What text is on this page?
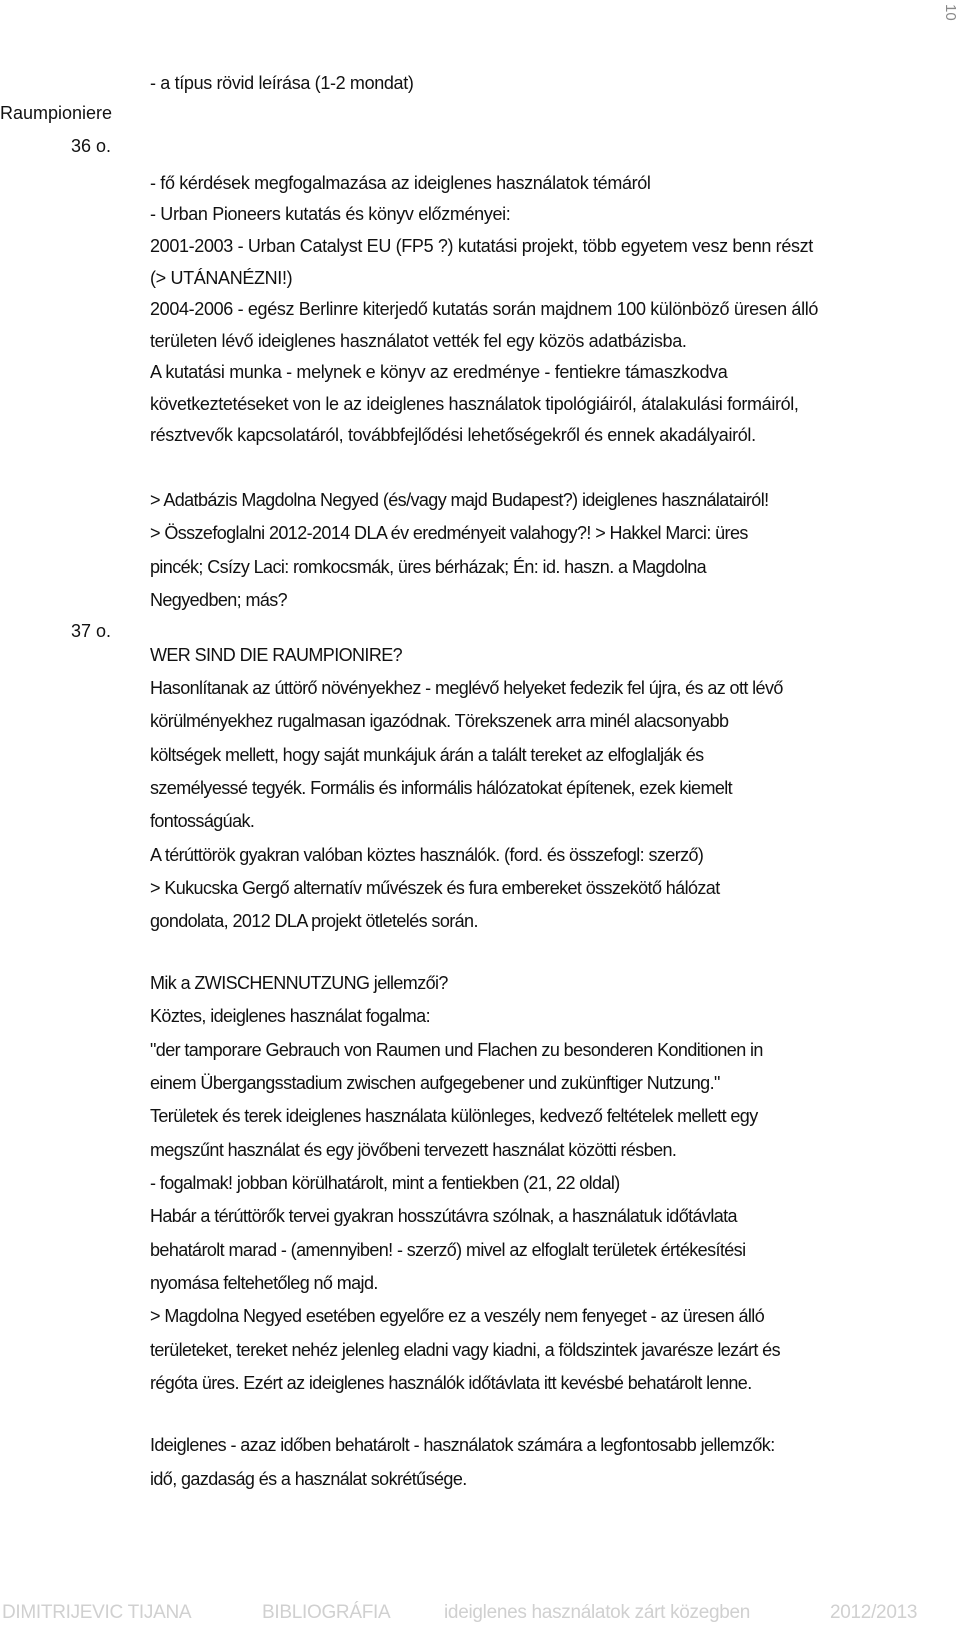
10
Raumpioniere
36 o.
37 o.
- a típus rövid leírása (1-2 mondat)
- fő kérdések megfogalmazása az ideiglenes használatok témáról
- Urban Pioneers kutatás és könyv előzményei:
2001-2003 - Urban Catalyst EU (FP5 ?) kutatási projekt, több egyetem vesz benn részt
(> UTÁNANÉZNI!)
2004-2006 - egész Berlinre kiterjedő kutatás során majdnem 100 különböző üresen álló
területen lévő ideiglenes használatot vették fel egy közös adatbázisba.
A kutatási munka - melynek e könyv az eredménye - fentiekre támaszkodva
következtetéseket von le az ideiglenes használatok tipológiáiról, átalakulási formáiról,
résztvevők kapcsolatáról, továbbfejlődési lehetőségekről és ennek akadályairól.
> Adatbázis Magdolna Negyed (és/vagy majd Budapest?) ideiglenes használatairól!
> Összefoglalni 2012-2014 DLA év eredményeit valahogy?! > Hakkel Marci: üres
pincék; Csízy Laci: romkocsmák, üres bérházak; Én: id. haszn. a Magdolna
Negyedben; más?
WER SIND DIE RAUMPIONIRE?
Hasonlítanak az úttörő növényekhez - meglévő helyeket fedezik fel újra, és az ott lévő
körülményekhez rugalmasan igazódnak. Törekszenek arra minél alacsonyabb
költségek mellett, hogy saját munkájuk árán a talált tereket az elfoglalják és
személyessé tegyék. Formális és informális hálózatokat építenek, ezek kiemelt
fontosságúak.
A térúttörök gyakran valóban köztes használók. (ford. és összefogl: szerző)
> Kukucska Gergő alternatív művészek és fura embereket összekötő hálózat
gondolata, 2012 DLA projekt ötletelés során.
Mik a ZWISCHENNUTZUNG jellemzői?
Köztes, ideiglenes használat fogalma:
"der tamporare Gebrauch von Raumen und Flachen zu besonderen Konditionen in
einem Übergangsstadium zwischen aufgegebener und zukünftiger Nutzung."
Területek és terek ideiglenes használata különleges, kedvező feltételek mellett egy
megszűnt használat és egy jövőbeni tervezett használat közötti résben.
- fogalmak! jobban körülhatárolt, mint a fentiekben (21, 22 oldal)
Habár a térúttörők tervei gyakran hosszútávra szólnak, a használatuk időtávlata
behatárolt marad - (amennyiben! - szerző) mivel az elfoglalt területek értékesítési
nyomása feltehetőleg nő majd.
> Magdolna Negyed esetében egyelőre ez a veszély nem fenyeget - az üresen álló
területeket, tereket nehéz jelenleg eladni vagy kiadni, a földszintek javarésze lezárt és
régóta üres. Ezért az ideiglenes használók időtávlata itt kevésbé behatárolt lenne.
Ideiglenes - azaz időben behatárolt - használatok számára a legfontosabb jellemzők:
idő, gazdaság és a használat sokrétűsége.
DIMITRIJEVIC TIJANA	BIBLIOGRÁFIA	ideiglenes használatok zárt közegben	2012/2013
